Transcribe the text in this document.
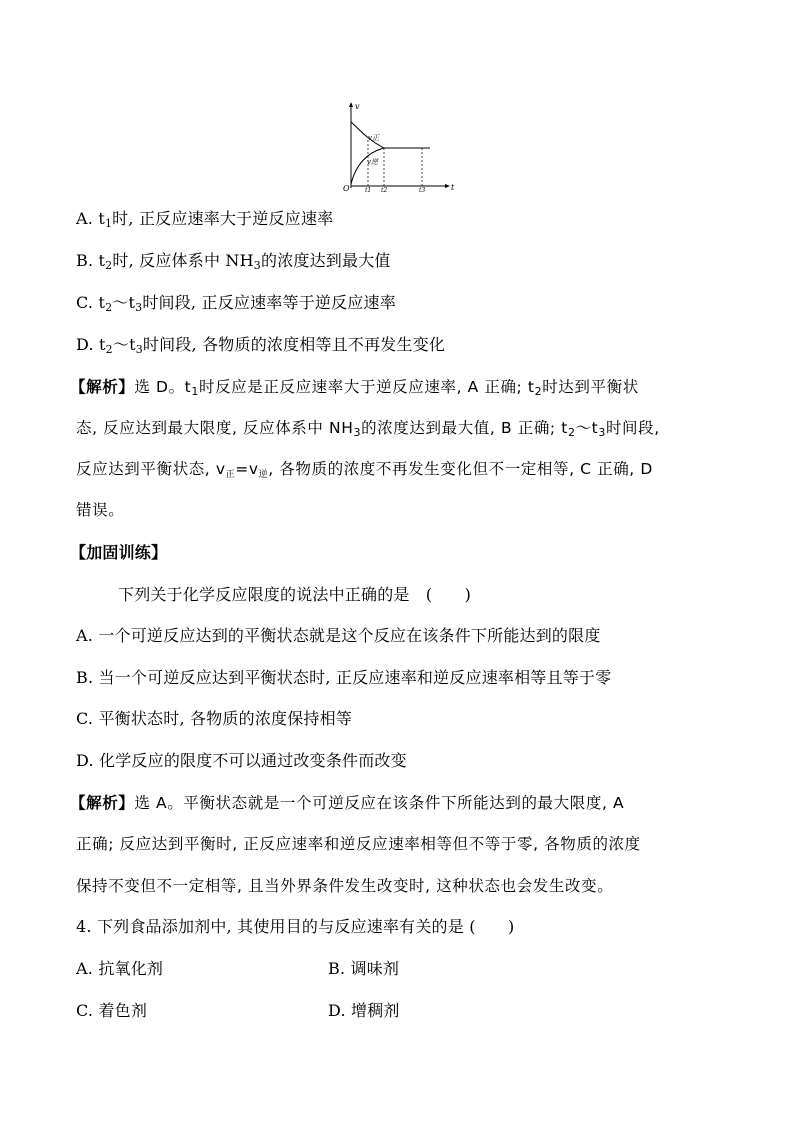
v
t
O
v正
v逆
t1 t2	t3
A. $t_1$时, 正反应速率大于逆反应速率
B. $t_2$时, 反应体系中 $NH_3$的浓度达到最大值
C. $t_2\sim t_3$时间段, 正反应速率等于逆反应速率
D. $t_2\sim t_3$时间段, 各物质的浓度相等且不再发生变化
【解析】选 D。$t_1$时反应是正反应速率大于逆反应速率, A 正确; $t_2$时达到平衡状
态, 反应达到最大限度, 反应体系中 $NH_3$的浓度达到最大值, B 正确; $t_2\sim t_3$时间段,
反应达到平衡状态, v正=v逆, 各物质的浓度不再发生变化但不一定相等, C 正确, D
错误。
【加固训练】
下列关于化学反应限度的说法中正确的是　(　　)
A. 一个可逆反应达到的平衡状态就是这个反应在该条件下所能达到的限度
B. 当一个可逆反应达到平衡状态时, 正反应速率和逆反应速率相等且等于零
C. 平衡状态时, 各物质的浓度保持相等
D. 化学反应的限度不可以通过改变条件而改变
【解析】选 A。平衡状态就是一个可逆反应在该条件下所能达到的最大限度, A
正确; 反应达到平衡时, 正反应速率和逆反应速率相等但不等于零, 各物质的浓度
保持不变但不一定相等, 且当外界条件发生改变时, 这种状态也会发生改变。
4. 下列食品添加剂中, 其使用目的与反应速率有关的是 (　　)
A. 抗氧化剂	B. 调味剂
C. 着色剂	D. 增稠剂
